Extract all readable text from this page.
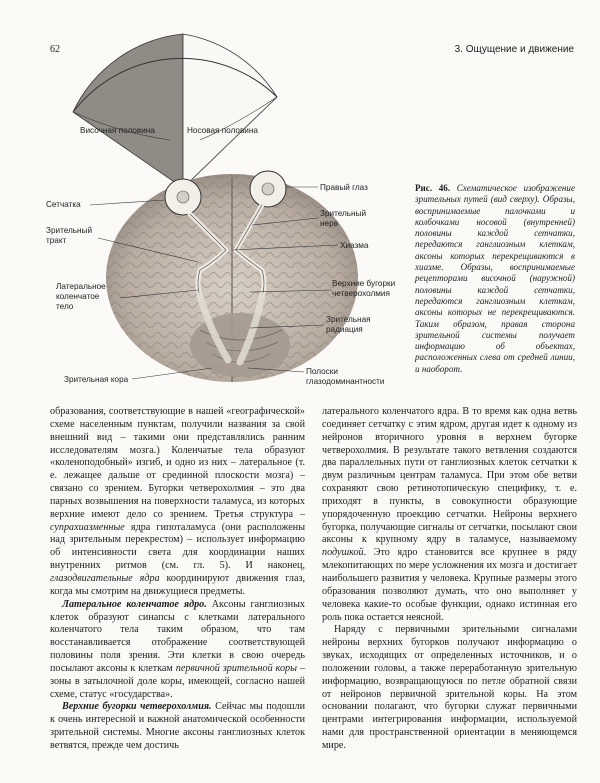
62	3. Ощущение и движение
Височная половина	Носовая половина
Правый глаз
Сетчатка
Зрительный
нерв
Зрительный
тракт
Хиазма
Верхние бугорки
четверохолмия
Латеральное
коленчатое
тело
Зрительная
радиация
Зрительная кора
Полоски
глазодоминантности
Рис. 46. Схематическое изображение зрительных путей (вид сверху). Образы, воспринимаемые палочками и колбочками носовой (внутренней) половины каждой сетчатки, передаются ганглиозным клеткам, аксоны которых перекрещиваются в хиазме. Образы, воспринимаемые рецепторами височной (наружной) половины каждой сетчатки, передаются ганглиозным клеткам, аксоны которых не перекрещиваются. Таким образом, правая сторона зрительной системы получает информацию об объектах, расположенных слева от средней линии, и наоборот.

образования, соответствующие в нашей «географической» схеме населенным пунктам, получили названия за свой внешний вид – такими они представлялись ранним исследователям мозга.) Коленчатые тела образуют «коленоподобный» изгиб, и одно из них – латеральное (т. е. лежащее дальше от срединной плоскости мозга) – связано со зрением. Бугорки четверохолмия – это два парных возвышения на поверхности таламуса, из которых верхние имеют дело со зрением. Третья структура – супрахиазменные ядра гипоталамуса (они расположены над зрительным перекрестом) – использует информацию об интенсивности света для координации наших внутренних ритмов (см. гл. 5). И наконец, глазодвигательные ядра координируют движения глаз, когда мы смотрим на движущиеся предметы.

Латеральное коленчатое ядро. Аксоны ганглиозных клеток образуют синапсы с клетками латерального коленчатого тела таким образом, что там восстанавливается отображение соответствующей половины поля зрения. Эти клетки в свою очередь посылают аксоны к клеткам первичной зрительной коры – зоны в затылочной доле коры, имеющей, согласно нашей схеме, статус «государства».

Верхние бугорки четверохолмия. Сейчас мы подошли к очень интересной и важной анатомической особенности зрительной системы. Многие аксоны ганглиозных клеток ветвятся, прежде чем достичь

латерального коленчатого ядра. В то время как одна ветвь соединяет сетчатку с этим ядром, другая идет к одному из нейронов вторичного уровня в верхнем бугорке четверохолмия. В результате такого ветвления создаются два параллельных пути от ганглиозных клеток сетчатки к двум различным центрам таламуса. При этом обе ветви сохраняют свою ретинотопическую специфику, т. е. приходят в пункты, в совокупности образующие упорядоченную проекцию сетчатки. Нейроны верхнего бугорка, получающие сигналы от сетчатки, посылают свои аксоны к крупному ядру в таламусе, называемому подушкой. Это ядро становится все крупнее в ряду млекопитающих по мере усложнения их мозга и достигает наибольшего развития у человека. Крупные размеры этого образования позволяют думать, что оно выполняет у человека какие-то особые функции, однако истинная его роль пока остается неясной.

Наряду с первичными зрительными сигналами нейроны верхних бугорков получают информацию о звуках, исходящих от определенных источников, и о положении головы, а также переработанную зрительную информацию, возвращающуюся по петле обратной связи от нейронов первичной зрительной коры. На этом основании полагают, что бугорки служат первичными центрами интегрирования информации, используемой нами для пространственной ориентации в меняющемся мире.
